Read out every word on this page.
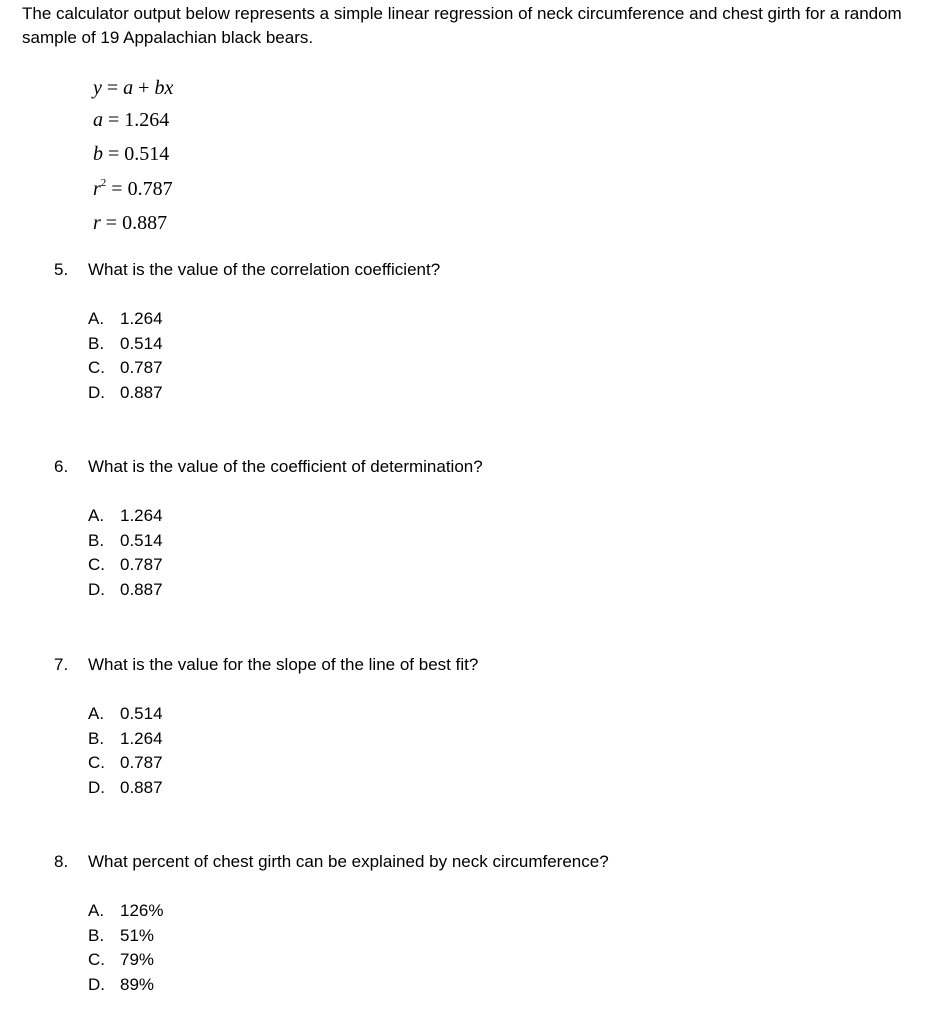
The calculator output below represents a simple linear regression of neck circumference and chest girth for a random sample of 19 Appalachian black bears.
y = a + bx
a = 1.264
b = 0.514
$r^2 = 0.787$
r = 0.887
5. What is the value of the correlation coefficient?
A. 1.264
B. 0.514
C. 0.787
D. 0.887
6. What is the value of the coefficient of determination?
A. 1.264
B. 0.514
C. 0.787
D. 0.887
7. What is the value for the slope of the line of best fit?
A. 0.514
B. 1.264
C. 0.787
D. 0.887
8. What percent of chest girth can be explained by neck circumference?
A. 126%
B. 51%
C. 79%
D. 89%
